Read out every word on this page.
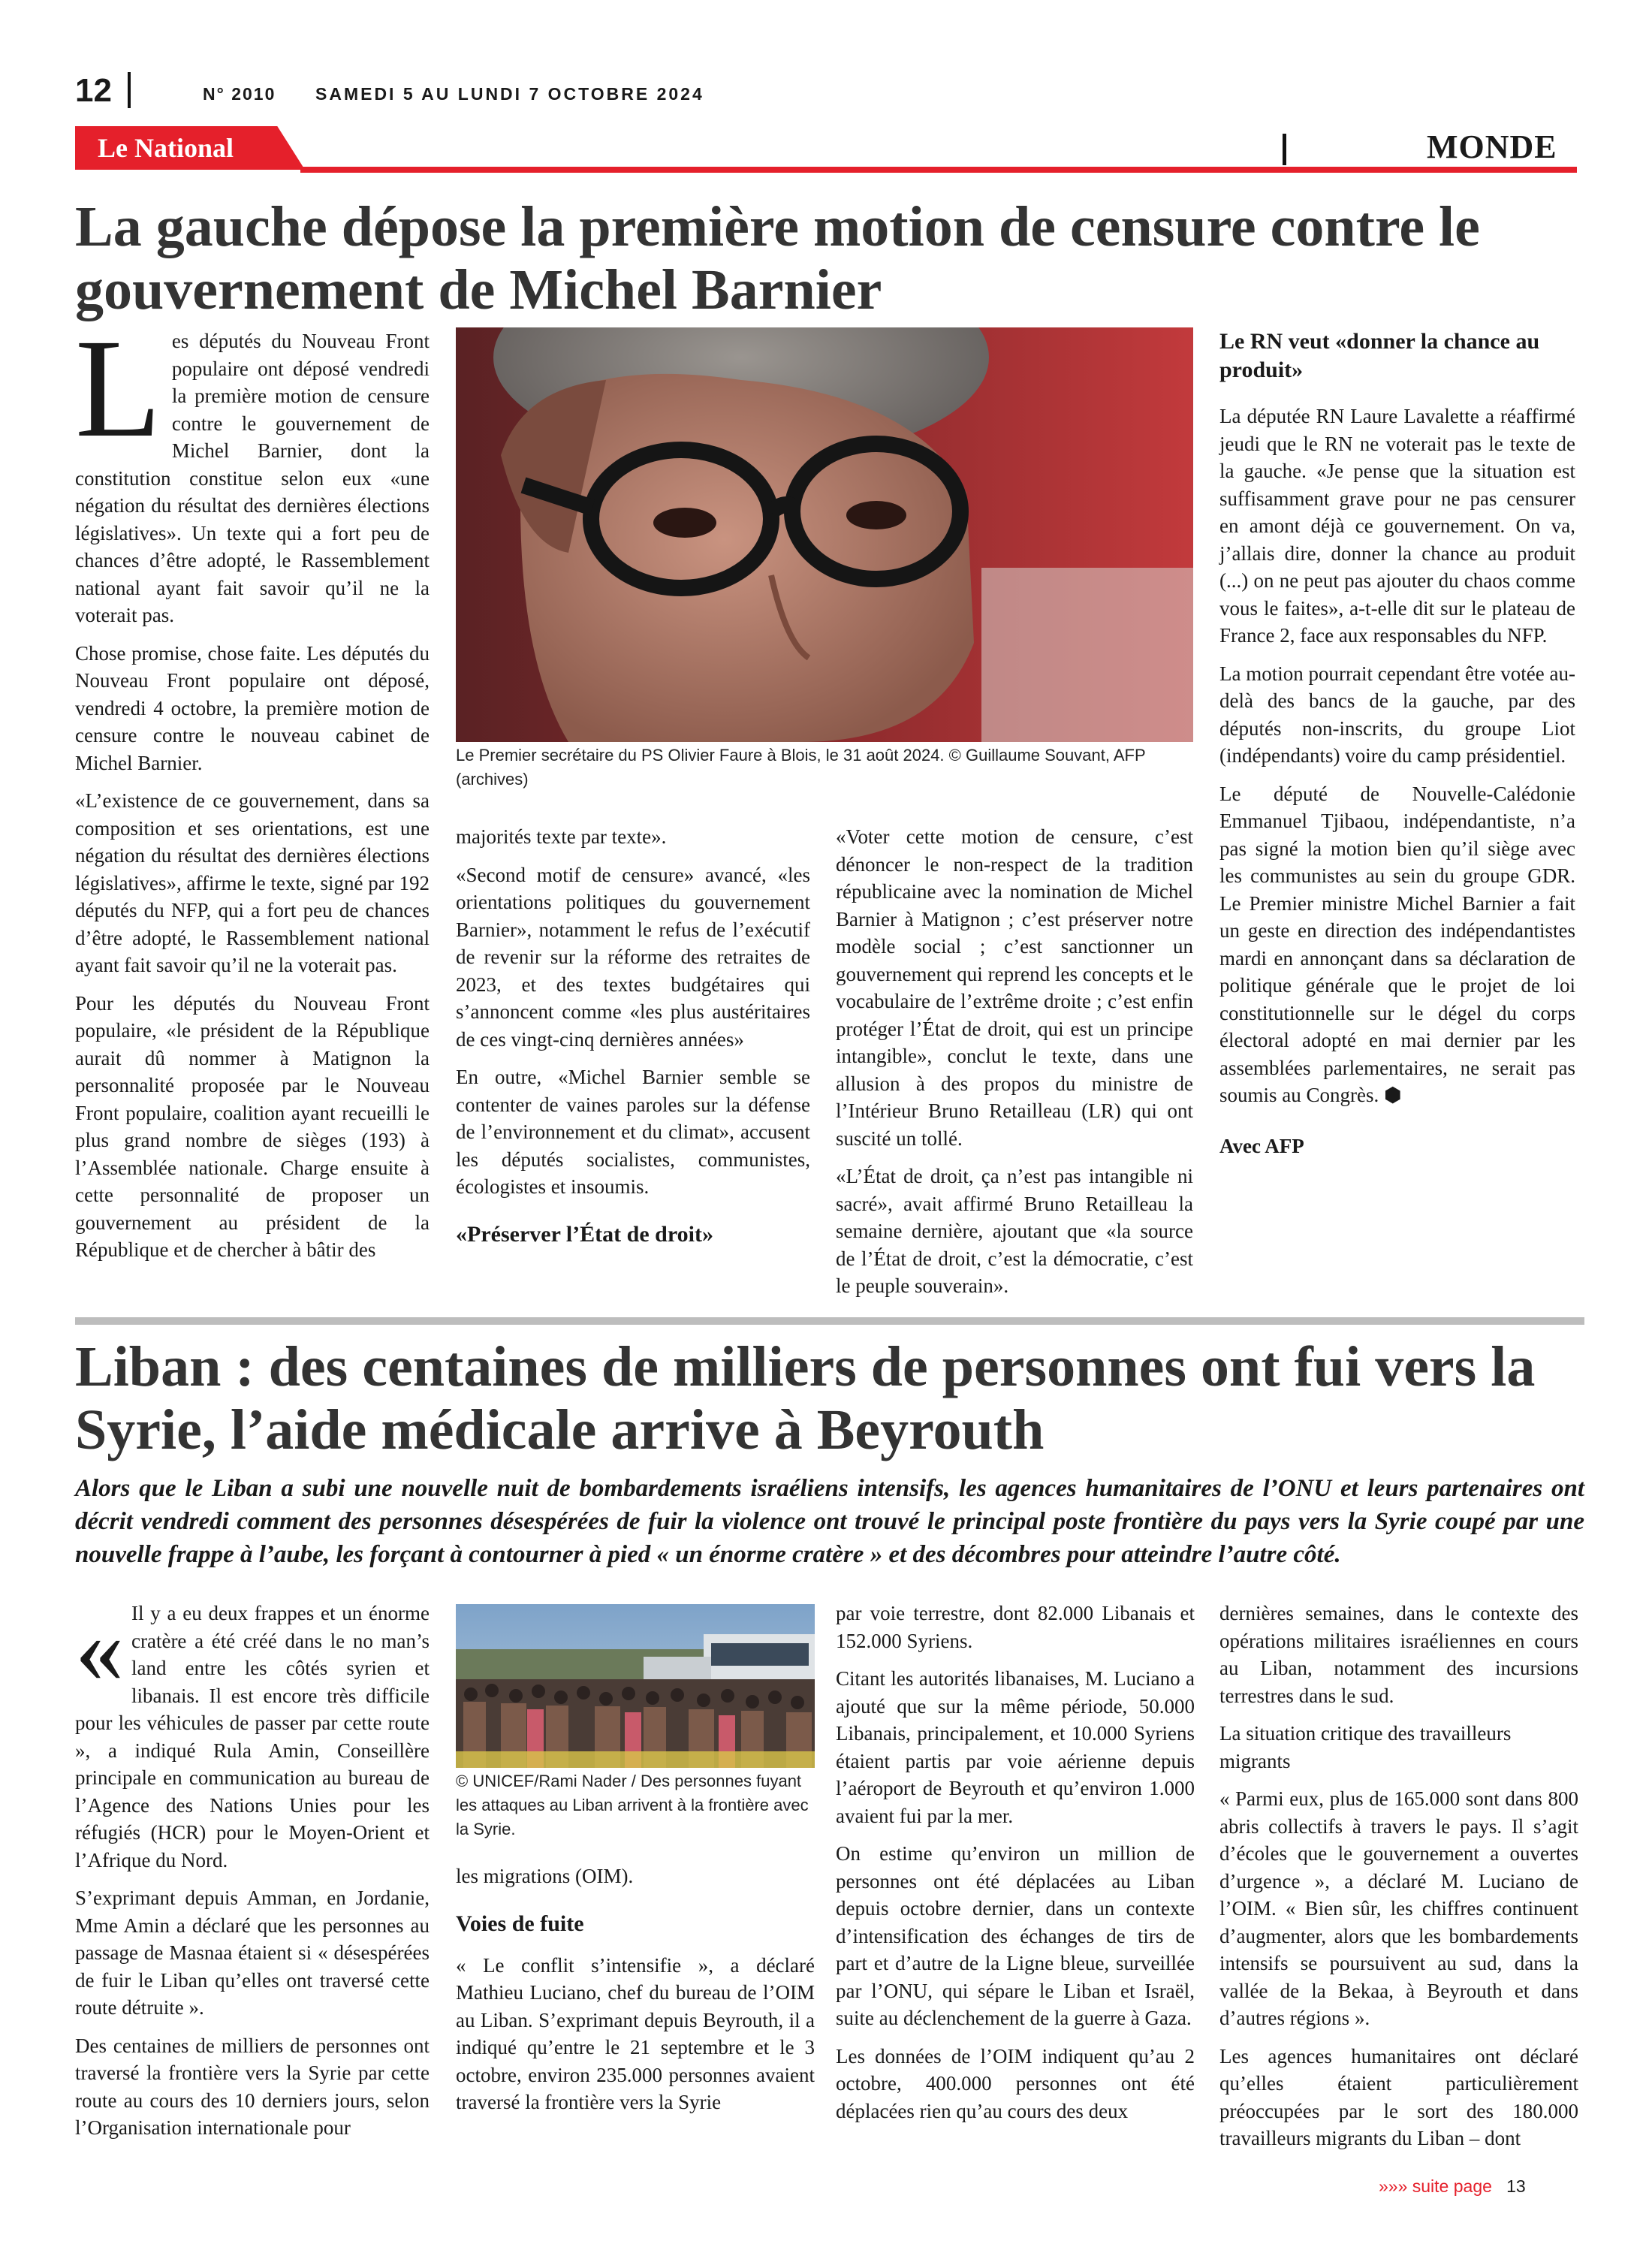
12	N° 2010 SAMEDI 5 AU LUNDI 7 OCTOBRE 2024
Le National	MONDE
La gauche dépose la première motion de censure contre le gouvernement de Michel Barnier

Les députés du Nouveau Front populaire ont déposé vendredi la première motion de censure contre le gouvernement de Michel Barnier, dont la constitution constitue selon eux «une négation du résultat des dernières élections législatives». Un texte qui a fort peu de chances d’être adopté, le Rassemblement national ayant fait savoir qu’il ne la voterait pas.

Chose promise, chose faite. Les députés du Nouveau Front populaire ont déposé, vendredi 4 octobre, la première motion de censure contre le nouveau cabinet de Michel Barnier.

«L’existence de ce gouvernement, dans sa composition et ses orientations, est une négation du résultat des dernières élections législatives», affirme le texte, signé par 192 députés du NFP, qui a fort peu de chances d’être adopté, le Rassemblement national ayant fait savoir qu’il ne la voterait pas.

Pour les députés du Nouveau Front populaire, «le président de la République aurait dû nommer à Matignon la personnalité proposée par le Nouveau Front populaire, coalition ayant recueilli le plus grand nombre de sièges (193) à l’Assemblée nationale. Charge ensuite à cette personnalité de proposer un gouvernement au président de la République et de chercher à bâtir des

Le Premier secrétaire du PS Olivier Faure à Blois, le 31 août 2024. © Guillaume Souvant, AFP (archives)

majorités texte par texte».

«Second motif de censure» avancé, «les orientations politiques du gouvernement Barnier», notamment le refus de l’exécutif de revenir sur la réforme des retraites de 2023, et des textes budgétaires qui s’annoncent comme «les plus austéritaires de ces vingt-cinq dernières années»

En outre, «Michel Barnier semble se contenter de vaines paroles sur la défense de l’environnement et du climat», accusent les députés socialistes, communistes, écologistes et insoumis.

«Préserver l’État de droit»

«Voter cette motion de censure, c’est dénoncer le non-respect de la tradition républicaine avec la nomination de Michel Barnier à Matignon ; c’est préserver notre modèle social ; c’est sanctionner un gouvernement qui reprend les concepts et le vocabulaire de l’extrême droite ; c’est enfin protéger l’État de droit, qui est un principe intangible», conclut le texte, dans une allusion à des propos du ministre de l’Intérieur Bruno Retailleau (LR) qui ont suscité un tollé.

«L’État de droit, ça n’est pas intangible ni sacré», avait affirmé Bruno Retailleau la semaine dernière, ajoutant que «la source de l’État de droit, c’est la démocratie, c’est le peuple souverain».

Le RN veut «donner la chance au produit»

La députée RN Laure Lavalette a réaffirmé jeudi que le RN ne voterait pas le texte de la gauche. «Je pense que la situation est suffisamment grave pour ne pas censurer en amont déjà ce gouvernement. On va, j’allais dire, donner la chance au produit (...) on ne peut pas ajouter du chaos comme vous le faites», a-t-elle dit sur le plateau de France 2, face aux responsables du NFP.

La motion pourrait cependant être votée au-delà des bancs de la gauche, par des députés non-inscrits, du groupe Liot (indépendants) voire du camp présidentiel.

Le député de Nouvelle-Calédonie Emmanuel Tjibaou, indépendantiste, n’a pas signé la motion bien qu’il siège avec les communistes au sein du groupe GDR. Le Premier ministre Michel Barnier a fait un geste en direction des indépendantistes mardi en annonçant dans sa déclaration de politique générale que le projet de loi constitutionnelle sur le dégel du corps électoral adopté en mai dernier par les assemblées parlementaires, ne serait pas soumis au Congrès. ⬢

Avec AFP

Liban : des centaines de milliers de personnes ont fui vers la Syrie, l’aide médicale arrive à Beyrouth
Alors que le Liban a subi une nouvelle nuit de bombardements israéliens intensifs, les agences humanitaires de l’ONU et leurs partenaires ont décrit vendredi comment des personnes désespérées de fuir la violence ont trouvé le principal poste frontière du pays vers la Syrie coupé par une nouvelle frappe à l’aube, les forçant à contourner à pied « un énorme cratère » et des décombres pour atteindre l’autre côté.

« Il y a eu deux frappes et un énorme cratère a été créé dans le no man’s land entre les côtés syrien et libanais. Il est encore très difficile pour les véhicules de passer par cette route », a indiqué Rula Amin, Conseillère principale en communication au bureau de l’Agence des Nations Unies pour les réfugiés (HCR) pour le Moyen-Orient et l’Afrique du Nord.

S’exprimant depuis Amman, en Jordanie, Mme Amin a déclaré que les personnes au passage de Masnaa étaient si « désespérées de fuir le Liban qu’elles ont traversé cette route détruite ».

Des centaines de milliers de personnes ont traversé la frontière vers la Syrie par cette route au cours des 10 derniers jours, selon l’Organisation internationale pour

© UNICEF/Rami Nader / Des personnes fuyant les attaques au Liban arrivent à la frontière avec la Syrie.

les migrations (OIM).

Voies de fuite

« Le conflit s’intensifie », a déclaré Mathieu Luciano, chef du bureau de l’OIM au Liban. S’exprimant depuis Beyrouth, il a indiqué qu’entre le 21 septembre et le 3 octobre, environ 235.000 personnes avaient traversé la frontière vers la Syrie

par voie terrestre, dont 82.000 Libanais et 152.000 Syriens.

Citant les autorités libanaises, M. Luciano a ajouté que sur la même période, 50.000 Libanais, principalement, et 10.000 Syriens étaient partis par voie aérienne depuis l’aéroport de Beyrouth et qu’environ 1.000 avaient fui par la mer.

On estime qu’environ un million de personnes ont été déplacées au Liban depuis octobre dernier, dans un contexte d’intensification des échanges de tirs de part et d’autre de la Ligne bleue, surveillée par l’ONU, qui sépare le Liban et Israël, suite au déclenchement de la guerre à Gaza.

Les données de l’OIM indiquent qu’au 2 octobre, 400.000 personnes ont été déplacées rien qu’au cours des deux

dernières semaines, dans le contexte des opérations militaires israéliennes en cours au Liban, notamment des incursions terrestres dans le sud.

La situation critique des travailleurs migrants

« Parmi eux, plus de 165.000 sont dans 800 abris collectifs à travers le pays. Il s’agit d’écoles que le gouvernement a ouvertes d’urgence », a déclaré M. Luciano de l’OIM. « Bien sûr, les chiffres continuent d’augmenter, alors que les bombardements intensifs se poursuivent au sud, dans la vallée de la Bekaa, à Beyrouth et dans d’autres régions ».

Les agences humanitaires ont déclaré qu’elles étaient particulièrement préoccupées par le sort des 180.000 travailleurs migrants du Liban – dont

»»» suite page 13
